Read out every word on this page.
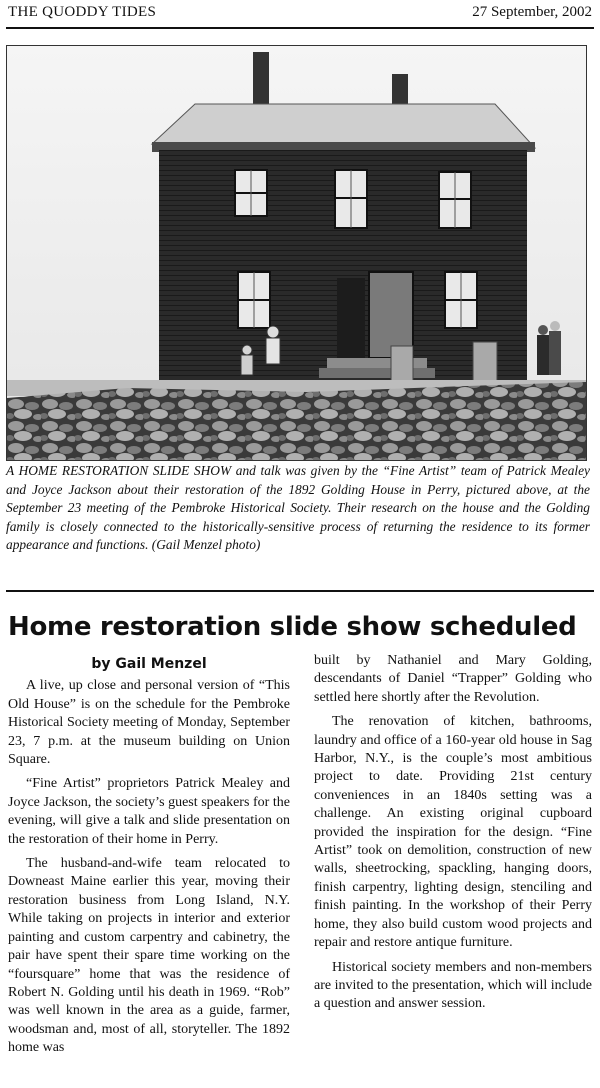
THE QUODDY TIDES	27 September, 2002

A HOME RESTORATION SLIDE SHOW and talk was given by the “Fine Artist” team of Patrick Mealey and Joyce Jackson about their restoration of the 1892 Golding House in Perry, pictured above, at the September 23 meeting of the Pembroke Historical Society. Their research on the house and the Golding family is closely connected to the historically-sensitive process of returning the residence to its former appearance and functions. (Gail Menzel photo)

Home restoration slide show scheduled
by Gail Menzel

A live, up close and personal version of “This Old House” is on the schedule for the Pembroke Historical Society meeting of Monday, September 23, 7 p.m. at the museum building on Union Square.

“Fine Artist” proprietors Patrick Mealey and Joyce Jackson, the society’s guest speakers for the evening, will give a talk and slide presentation on the restoration of their home in Perry.

The husband-and-wife team relocated to Downeast Maine earlier this year, moving their restoration business from Long Island, N.Y. While taking on projects in interior and exterior painting and custom carpentry and cabinetry, the pair have spent their spare time working on the “foursquare” home that was the residence of Robert N. Golding until his death in 1969. “Rob” was well known in the area as a guide, farmer, woodsman and, most of all, storyteller. The 1892 home was

built by Nathaniel and Mary Golding, descendants of Daniel “Trapper” Golding who settled here shortly after the Revolution.

The renovation of kitchen, bathrooms, laundry and office of a 160-year old house in Sag Harbor, N.Y., is the couple’s most ambitious project to date. Providing 21st century conveniences in an 1840s setting was a challenge. An existing original cupboard provided the inspiration for the design. “Fine Artist” took on demolition, construction of new walls, sheetrocking, spackling, hanging doors, finish carpentry, lighting design, stenciling and finish painting. In the workshop of their Perry home, they also build custom wood projects and repair and restore antique furniture.

Historical society members and non-members are invited to the presentation, which will include a question and answer session.
